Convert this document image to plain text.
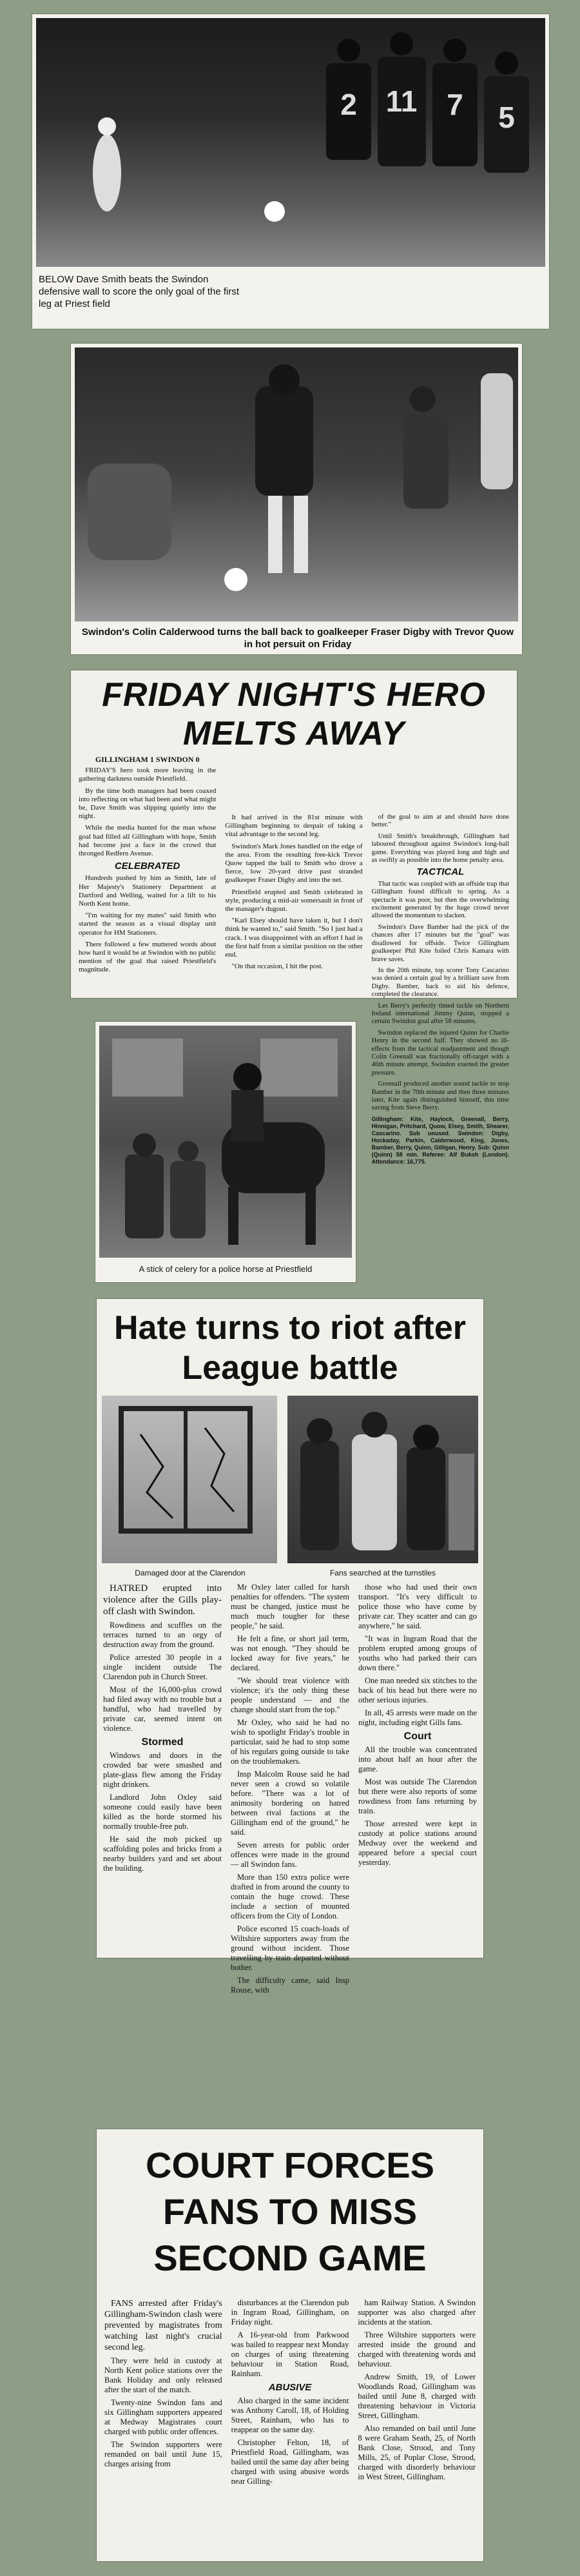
2 11 7 5
BELOW Dave Smith beats the Swindon defensive wall to score the only goal of the first leg at Priest field
Swindon's Colin Calderwood turns the ball back to goalkeeper Fraser Digby with Trevor Quow in hot persuit on Friday
FRIDAY NIGHT'S HERO MELTS AWAY
GILLINGHAM 1 SWINDON 0

FRIDAY'S hero took more leaving in the gathering darkness outside Priestfield.

By the time both managers had been coaxed into reflecting on what had been and what might be, Dave Smith was slipping quietly into the night.

While the media hunted for the man whose goal had filled all Gillingham with hope, Smith had become just a face in the crowd that thronged Redfern Avenue.

CELEBRATED

Hundreds pushed by him as Smith, late of Her Majesty's Stationery Department at Dartford and Welling, waited for a lift to his North Kent home.

"I'm waiting for my mates" said Smith who started the season as a visual display unit operator for HM Stationers.

There followed a few muttered words about how hard it would be at Swindon with no public mention of the goal that raised Priestfield's magnitude.

It had arrived in the 81st minute with Gillingham beginning to despair of taking a vital advantage to the second leg.

Swindon's Mark Jones handled on the edge of the area. From the resulting free-kick Trevor Quow tapped the ball to Smith who drove a fierce, low 20-yard drive past stranded goalkeeper Fraser Digby and into the net.

Priestfield erupted and Smith celebrated in style, producing a mid-air somersault in front of the manager's dugout.

"Karl Elsey should have taken it, but I don't think he wanted to," said Smith. "So I just had a crack. I was disappointed with an effort I had in the first half from a similar position on the other end.

"On that occasion, I hit the post.

of the goal to aim at and should have done better."

Until Smith's breakthrough, Gillingham had laboured throughout against Swindon's long-ball game. Everything was played long and high and as swiftly as possible into the home penalty area.

TACTICAL

That tactic was coupled with an offside trap that Gillingham found difficult to spring. As a spectacle it was poor, but then the overwhelming excitement generated by the huge crowd never allowed the momentum to slacken.

Swindon's Dave Bamber had the pick of the chances after 17 minutes but the "goal" was disallowed for offside. Twice Gillingham goalkeeper Phil Kite foiled Chris Kamara with brave saves.

In the 20th minute, top scorer Tony Cascarino was denied a certain goal by a brilliant save from Digby. Bamber, back to aid his defence, completed the clearance.

Les Berry's perfectly timed tackle on Northern Ireland international Jimmy Quinn, stopped a certain Swindon goal after 58 minutes.

Swindon replaced the injured Quinn for Charlie Henry in the second half. They showed no ill-effects from the tactical readjustment and though Colin Greenall was fractionally off-target with a 46th minute attempt, Swindon exerted the greater pressure.

Greenall produced another sound tackle to stop Bamber in the 70th minute and then three minutes later, Kite again distinguished himself, this time saving from Steve Berry.

Gillingham: Kite, Haylock, Greenall, Berry, Hinnigan, Pritchard, Quow, Elsey, Smith, Shearer, Cascarino. Sub unused. Swindon: Digby, Hockaday, Parkin, Calderwood, King, Jones, Bamber, Berry, Quinn, Gilligan, Henry. Sub: Quinn (Quinn) 58 min. Referee: Alf Buksh (London). Attendance: 16,775.

A stick of celery for a police horse at Priestfield
Hate turns to riot after League battle
Damaged door at the Clarendon	Fans searched at the turnstiles

HATRED erupted into violence after the Gills play-off clash with Swindon.

Rowdiness and scuffles on the terraces turned to an orgy of destruction away from the ground.

Police arrested 30 people in a single incident outside The Clarendon pub in Church Street.

Most of the 16,000-plus crowd had filed away with no trouble but a handful, who had travelled by private car, seemed intent on violence.

Stormed

Windows and doors in the crowded bar were smashed and plate-glass flew among the Friday night drinkers.

Landlord John Oxley said someone could easily have been killed as the horde stormed his normally trouble-free pub.

He said the mob picked up scaffolding poles and bricks from a nearby builders yard and set about the building.

Mr Oxley later called for harsh penalties for offenders. "The system must be changed, justice must be much much tougher for these people," he said.

He felt a fine, or short jail term, was not enough. "They should be locked away for five years," he declared.

"We should treat violence with violence; it's the only thing these people understand — and the change should start from the top."

Mr Oxley, who said he had no wish to spotlight Friday's trouble in particular, said he had to stop some of his regulars going outside to take on the troublemakers.

Insp Malcolm Rouse said he had never seen a crowd so volatile before. "There was a lot of animosity bordering on hatred between rival factions at the Gillingham end of the ground," he said.

Seven arrests for public order offences were made in the ground — all Swindon fans.

More than 150 extra police were drafted in from around the county to contain the huge crowd. These include a section of mounted officers from the City of London.

Police escorted 15 coach-loads of Wiltshire supporters away from the ground without incident. Those travelling by train departed without bother.

The difficulty came, said Insp Rouse, with

those who had used their own transport. "It's very difficult to police those who have come by private car. They scatter and can go anywhere," he said.

"It was in Ingram Road that the problem erupted among groups of youths who had parked their cars down there."

One man needed six stitches to the back of his head but there were no other serious injuries.

In all, 45 arrests were made on the night, including eight Gills fans.

Court

All the trouble was concentrated into about half an hour after the game.

Most was outside The Clarendon but there were also reports of some rowdiness from fans returning by train.

Those arrested were kept in custody at police stations around Medway over the weekend and appeared before a special court yesterday.

COURT FORCES FANS TO MISS SECOND GAME

FANS arrested after Friday's Gillingham-Swindon clash were prevented by magistrates from watching last night's crucial second leg.

They were held in custody at North Kent police stations over the Bank Holiday and only released after the start of the match.

Twenty-nine Swindon fans and six Gillingham supporters appeared at Medway Magistrates court charged with public order offences.

The Swindon supporters were remanded on bail until June 15, charges arising from

disturbances at the Clarendon pub in Ingram Road, Gillingham, on Friday night.

A 16-year-old from Parkwood was bailed to reappear next Monday on charges of using threatening behaviour in Station Road, Rainham.

ABUSIVE

Also charged in the same incident was Anthony Caroll, 18, of Holding Street, Rainham, who has to reappear on the same day.

Christopher Felton, 18, of Priestfield Road, Gillingham, was bailed until the same day after being charged with using abusive words near Gilling-

ham Railway Station. A Swindon supporter was also charged after incidents at the station.

Three Wiltshire supporters were arrested inside the ground and charged with threatening words and behaviour.

Andrew Smith, 19, of Lower Woodlands Road, Gillingham was bailed until June 8, charged with threatening behaviour in Victoria Street, Gillingham.

Also remanded on bail until June 8 were Graham Seath, 25, of North Bank Close, Strood, and Tony Mills, 25, of Poplar Close, Strood, charged with disorderly behaviour in West Street, Gillingham.
